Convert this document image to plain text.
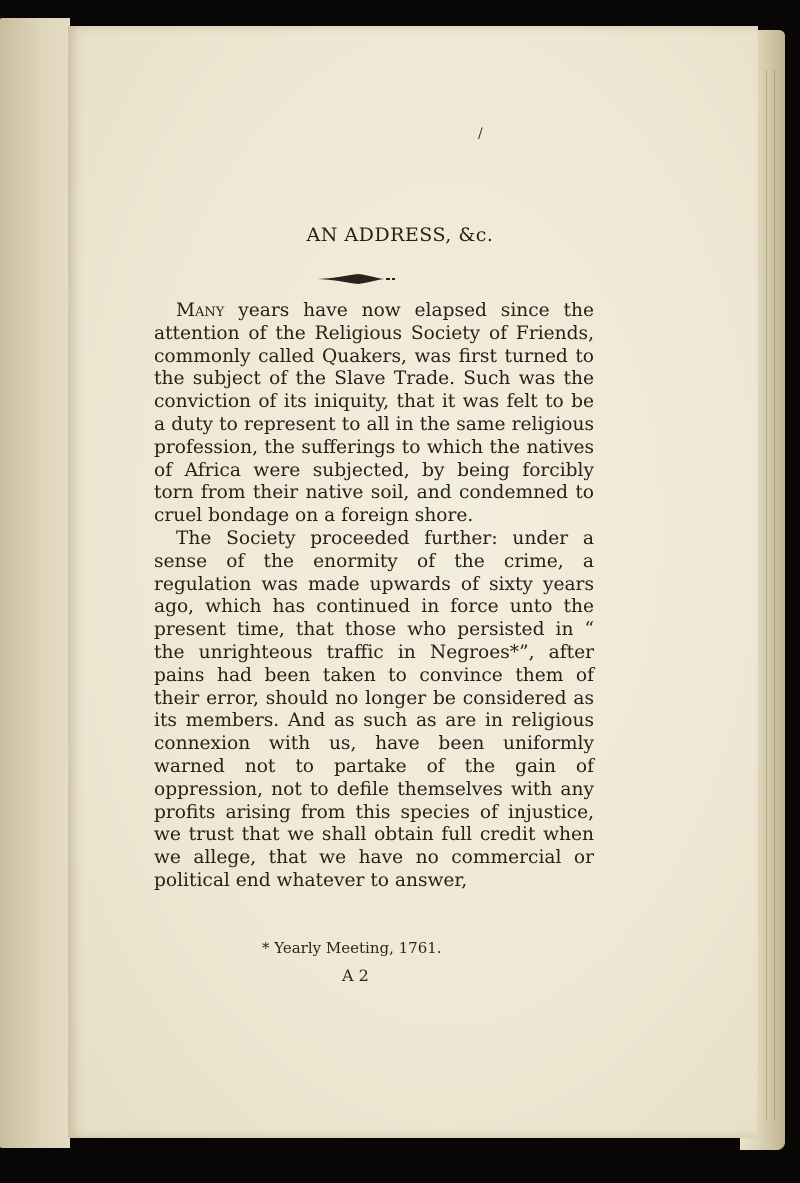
/
AN ADDRESS, &c.

Many years have now elapsed since the attention of the Religious Society of Friends, commonly called Quakers, was first turned to the subject of the Slave Trade. Such was the conviction of its iniquity, that it was felt to be a duty to represent to all in the same religious profession, the sufferings to which the natives of Africa were subjected, by being forcibly torn from their native soil, and condemned to cruel bondage on a foreign shore.

The Society proceeded further: under a sense of the enormity of the crime, a regulation was made upwards of sixty years ago, which has continued in force unto the present time, that those who persisted in “ the unrighteous traffic in Negroes*”, after pains had been taken to convince them of their error, should no longer be considered as its members. And as such as are in religious connexion with us, have been uniformly warned not to partake of the gain of oppression, not to defile themselves with any profits arising from this species of injustice, we trust that we shall obtain full credit when we allege, that we have no commercial or political end whatever to answer,

* Yearly Meeting, 1761.
A 2
